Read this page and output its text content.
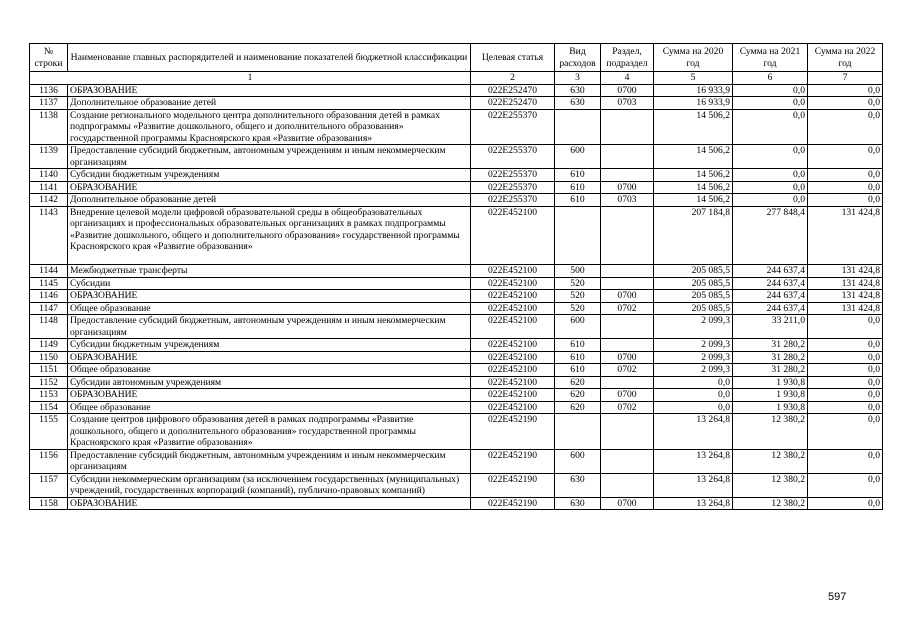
№ строки	Наименование главных распорядителей и наименование показателей бюджетной классификации	Целевая статья	Вид расходов	Раздел, подраздел	Сумма на 2020 год	Сумма на 2021 год	Сумма на 2022 год
1		2	3	4	5	6	7
1136	ОБРАЗОВАНИЕ	022E252470	630	0700	16 933,9	0,0	0,0
1137	Дополнительное образование детей	022E252470	630	0703	16 933,9	0,0	0,0
1138	Создание регионального модельного центра дополнительного образования детей в рамках подпрограммы «Развитие дошкольного, общего и дополнительного образования» государственной программы Красноярского края «Развитие образования»	022E255370			14 506,2	0,0	0,0
1139	Предоставление субсидий бюджетным, автономным учреждениям и иным некоммерческим организациям	022E255370	600		14 506,2	0,0	0,0
1140	Субсидии бюджетным учреждениям	022E255370	610		14 506,2	0,0	0,0
1141	ОБРАЗОВАНИЕ	022E255370	610	0700	14 506,2	0,0	0,0
1142	Дополнительное образование детей	022E255370	610	0703	14 506,2	0,0	0,0
1143	Внедрение целевой модели цифровой образовательной среды в общеобразовательных организациях и профессиональных образовательных организациях в рамках подпрограммы «Развитие дошкольного, общего и дополнительного образования» государственной программы Красноярского края «Развитие образования»	022E452100			207 184,8	277 848,4	131 424,8
1144	Межбюджетные трансферты	022E452100	500		205 085,5	244 637,4	131 424,8
1145	Субсидии	022E452100	520		205 085,5	244 637,4	131 424,8
1146	ОБРАЗОВАНИЕ	022E452100	520	0700	205 085,5	244 637,4	131 424,8
1147	Общее образование	022E452100	520	0702	205 085,5	244 637,4	131 424,8
1148	Предоставление субсидий бюджетным, автономным учреждениям и иным некоммерческим организациям	022E452100	600		2 099,3	33 211,0	0,0
1149	Субсидии бюджетным учреждениям	022E452100	610		2 099,3	31 280,2	0,0
1150	ОБРАЗОВАНИЕ	022E452100	610	0700	2 099,3	31 280,2	0,0
1151	Общее образование	022E452100	610	0702	2 099,3	31 280,2	0,0
1152	Субсидии автономным учреждениям	022E452100	620		0,0	1 930,8	0,0
1153	ОБРАЗОВАНИЕ	022E452100	620	0700	0,0	1 930,8	0,0
1154	Общее образование	022E452100	620	0702	0,0	1 930,8	0,0
1155	Создание центров цифрового образования детей в рамках подпрограммы «Развитие дошкольного, общего и дополнительного образования» государственной программы Красноярского края «Развитие образования»	022E452190			13 264,8	12 380,2	0,0
1156	Предоставление субсидий бюджетным, автономным учреждениям и иным некоммерческим организациям	022E452190	600		13 264,8	12 380,2	0,0
1157	Субсидии некоммерческим организациям (за исключением государственных (муниципальных) учреждений, государственных корпораций (компаний), публично-правовых компаний)	022E452190	630		13 264,8	12 380,2	0,0
1158	ОБРАЗОВАНИЕ	022E452190	630	0700	13 264,8	12 380,2	0,0
597
